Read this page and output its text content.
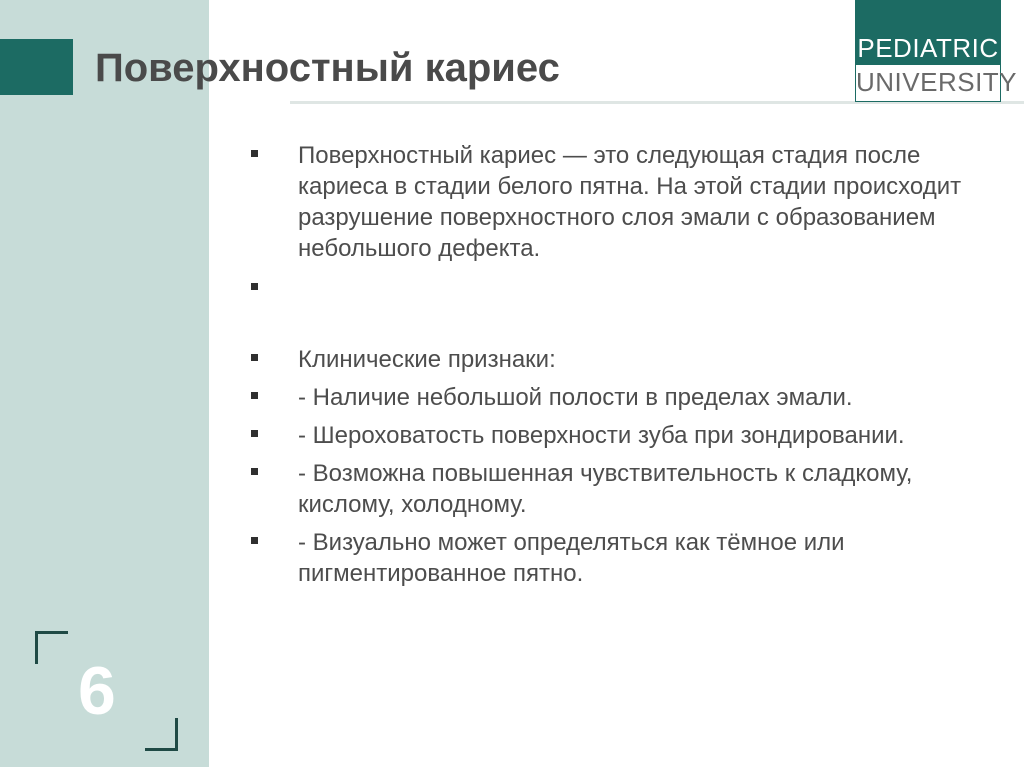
Поверхностный кариес	PEDIATRIC
UNIVERSITY
Поверхностный кариес — это следующая стадия после кариеса в стадии белого пятна. На этой стадии происходит разрушение поверхностного слоя эмали с образованием небольшого дефекта.
Клинические признаки:
- Наличие небольшой полости в пределах эмали.
- Шероховатость поверхности зуба при зондировании.
- Возможна повышенная чувствительность к сладкому, кислому, холодному.
- Визуально может определяться как тёмное или пигментированное пятно.
6
